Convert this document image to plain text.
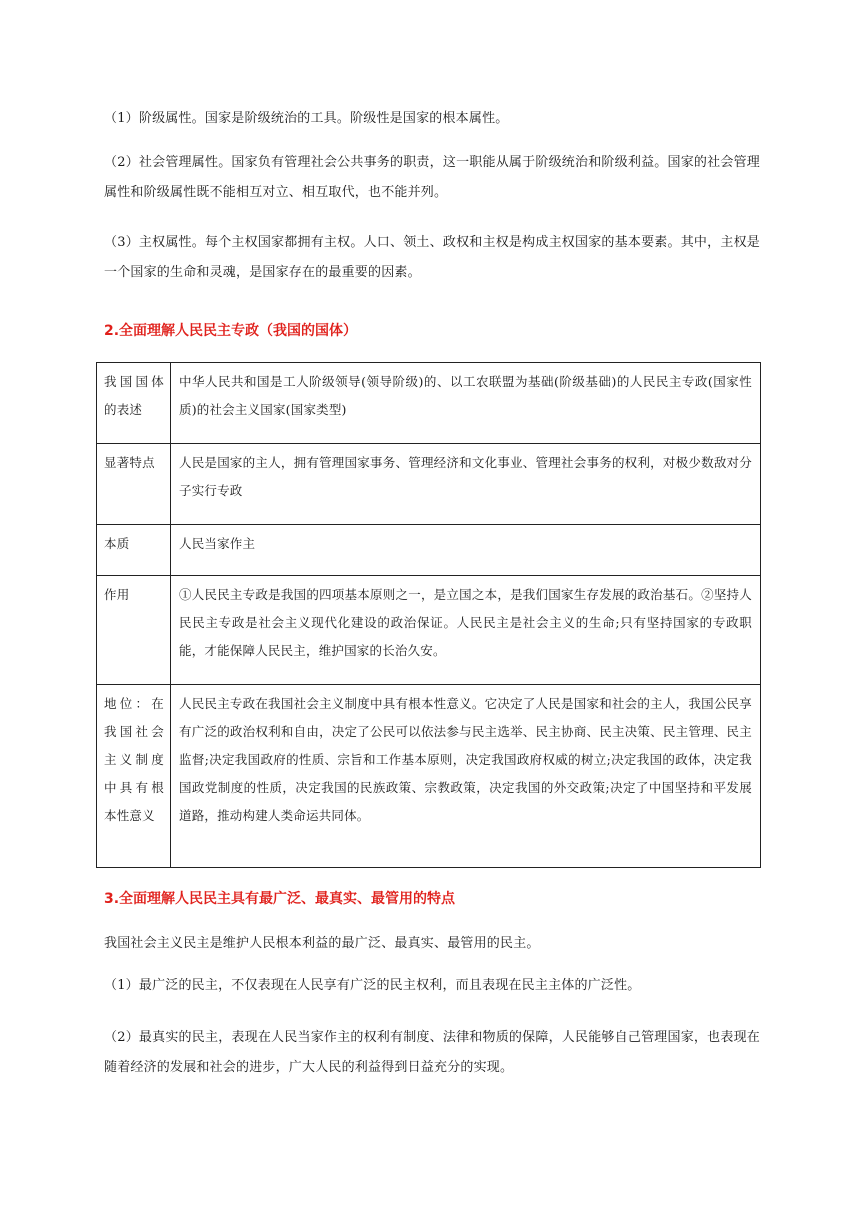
（1）阶级属性。国家是阶级统治的工具。阶级性是国家的根本属性。

（2）社会管理属性。国家负有管理社会公共事务的职责，这一职能从属于阶级统治和阶级利益。国家的社会管理属性和阶级属性既不能相互对立、相互取代，也不能并列。

（3）主权属性。每个主权国家都拥有主权。人口、领土、政权和主权是构成主权国家的基本要素。其中，主权是一个国家的生命和灵魂，是国家存在的最重要的因素。

2.全面理解人民民主专政（我国的国体）
我国国体的表述	中华人民共和国是工人阶级领导(领导阶级)的、以工农联盟为基础(阶级基础)的人民民主专政(国家性质)的社会主义国家(国家类型)
显著特点	人民是国家的主人，拥有管理国家事务、管理经济和文化事业、管理社会事务的权利，对极少数敌对分子实行专政
本质	人民当家作主
作用	①人民民主专政是我国的四项基本原则之一，是立国之本，是我们国家生存发展的政治基石。②坚持人民民主专政是社会主义现代化建设的政治保证。人民民主是社会主义的生命;只有坚持国家的专政职能，才能保障人民民主，维护国家的长治久安。
地位：在我国社会主义制度中具有根本性意义	人民民主专政在我国社会主义制度中具有根本性意义。它决定了人民是国家和社会的主人，我国公民享有广泛的政治权利和自由，决定了公民可以依法参与民主选举、民主协商、民主决策、民主管理、民主监督;决定我国政府的性质、宗旨和工作基本原则，决定我国政府权威的树立;决定我国的政体，决定我国政党制度的性质，决定我国的民族政策、宗教政策，决定我国的外交政策;决定了中国坚持和平发展道路，推动构建人类命运共同体。
3.全面理解人民民主具有最广泛、最真实、最管用的特点

我国社会主义民主是维护人民根本利益的最广泛、最真实、最管用的民主。

（1）最广泛的民主，不仅表现在人民享有广泛的民主权利，而且表现在民主主体的广泛性。

（2）最真实的民主，表现在人民当家作主的权利有制度、法律和物质的保障，人民能够自己管理国家，也表现在随着经济的发展和社会的进步，广大人民的利益得到日益充分的实现。
